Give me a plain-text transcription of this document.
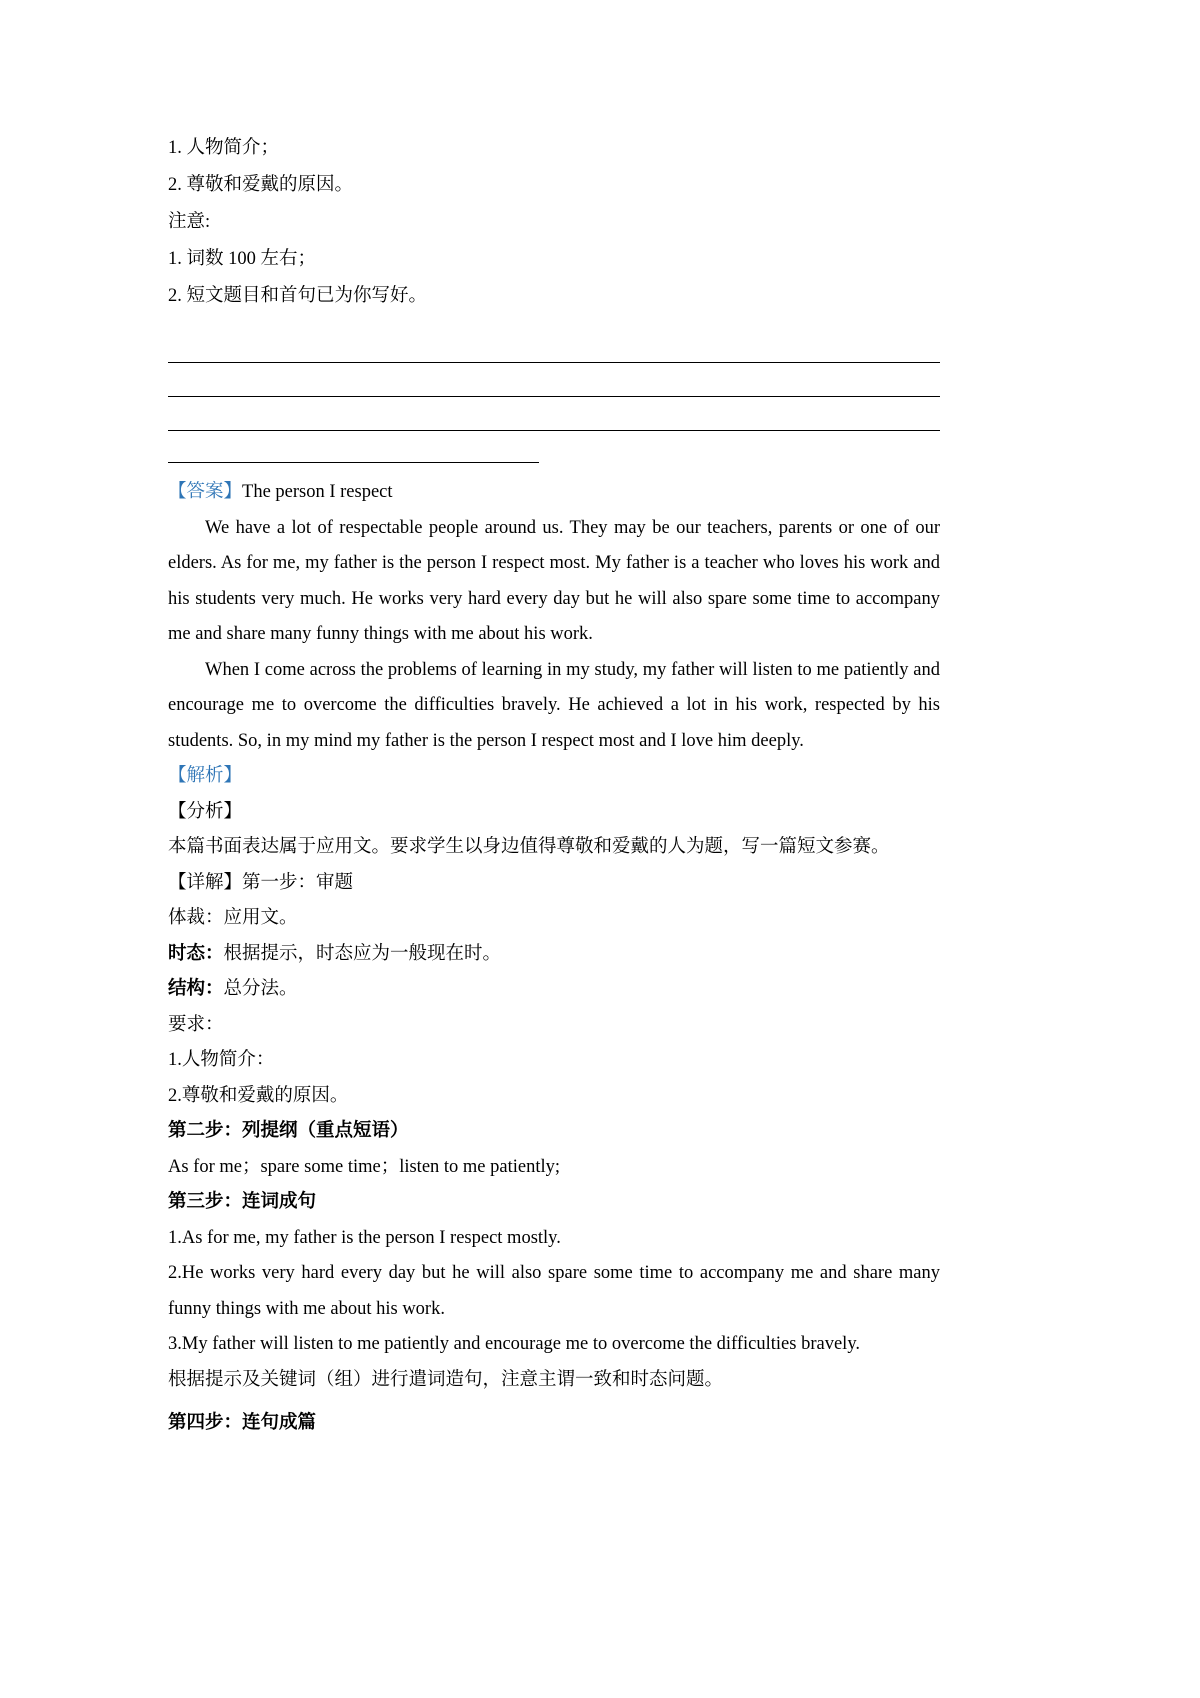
1. 人物简介；
2. 尊敬和爱戴的原因。
注意:
1. 词数 100 左右；
2. 短文题目和首句已为你写好。
【答案】The person I respect

We have a lot of respectable people around us. They may be our teachers, parents or one of our elders. As for me, my father is the person I respect most. My father is a teacher who loves his work and his students very much. He works very hard every day but he will also spare some time to accompany me and share many funny things with me about his work.

When I come across the problems of learning in my study, my father will listen to me patiently and encourage me to overcome the difficulties bravely. He achieved a lot in his work, respected by his students. So, in my mind my father is the person I respect most and I love him deeply.

【解析】
【分析】
本篇书面表达属于应用文。要求学生以身边值得尊敬和爱戴的人为题，写一篇短文参赛。
【详解】第一步：审题
体裁：应用文。
时态：根据提示，时态应为一般现在时。
结构：总分法。
要求：
1.人物简介：
2.尊敬和爱戴的原因。
第二步：列提纲（重点短语）
As for me；spare some time；listen to me patiently;
第三步：连词成句
1.As for me, my father is the person I respect mostly.
2.He works very hard every day but he will also spare some time to accompany me and share many funny things with me about his work.
3.My father will listen to me patiently and encourage me to overcome the difficulties bravely.
根据提示及关键词（组）进行遣词造句，注意主谓一致和时态问题。
第四步：连句成篇
